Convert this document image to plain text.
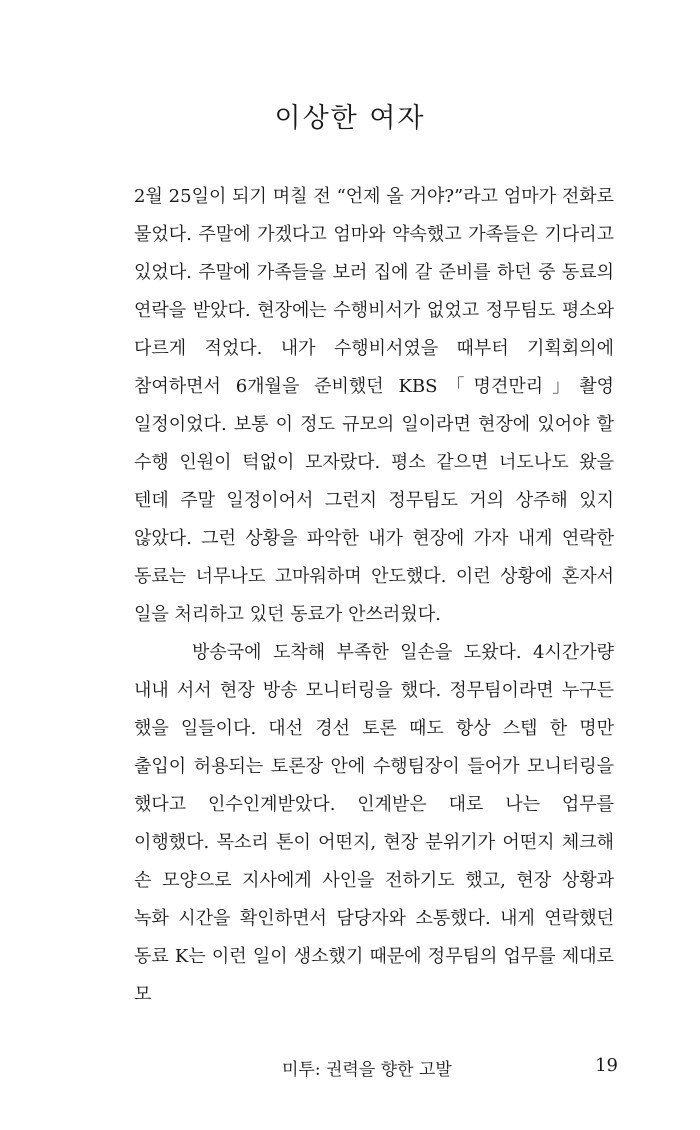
이상한 여자

2월 25일이 되기 며칠 전 “언제 올 거야?”라고 엄마가 전화로 물었다. 주말에 가겠다고 엄마와 약속했고 가족들은 기다리고 있었다. 주말에 가족들을 보러 집에 갈 준비를 하던 중 동료의 연락을 받았다. 현장에는 수행비서가 없었고 정무팀도 평소와 다르게 적었다. 내가 수행비서였을 때부터 기획회의에 참여하면서 6개월을 준비했던 KBS「명견만리」촬영 일정이었다. 보통 이 정도 규모의 일이라면 현장에 있어야 할 수행 인원이 턱없이 모자랐다. 평소 같으면 너도나도 왔을 텐데 주말 일정이어서 그런지 정무팀도 거의 상주해 있지 않았다. 그런 상황을 파악한 내가 현장에 가자 내게 연락한 동료는 너무나도 고마워하며 안도했다. 이런 상황에 혼자서 일을 처리하고 있던 동료가 안쓰러웠다.

방송국에 도착해 부족한 일손을 도왔다. 4시간가량 내내 서서 현장 방송 모니터링을 했다. 정무팀이라면 누구든 했을 일들이다. 대선 경선 토론 때도 항상 스텝 한 명만 출입이 허용되는 토론장 안에 수행팀장이 들어가 모니터링을 했다고 인수인계받았다. 인계받은 대로 나는 업무를 이행했다. 목소리 톤이 어떤지, 현장 분위기가 어떤지 체크해 손 모양으로 지사에게 사인을 전하기도 했고, 현장 상황과 녹화 시간을 확인하면서 담당자와 소통했다. 내게 연락했던 동료 K는 이런 일이 생소했기 때문에 정무팀의 업무를 제대로 모

미투: 권력을 향한 고발	19
